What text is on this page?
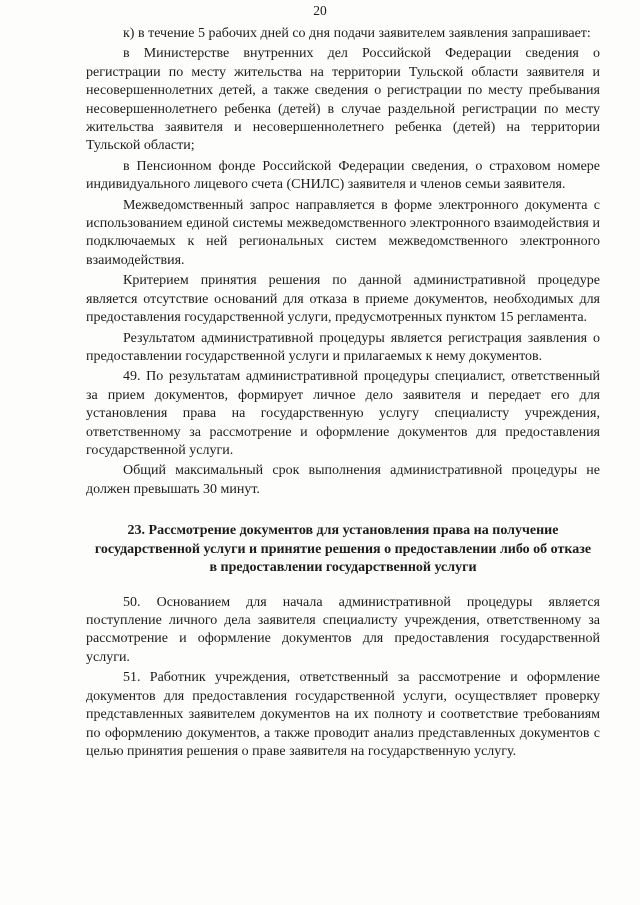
20

к) в течение 5 рабочих дней со дня подачи заявителем заявления запрашивает:

в Министерстве внутренних дел Российской Федерации сведения о регистрации по месту жительства на территории Тульской области заявителя и несовершеннолетних детей, а также сведения о регистрации по месту пребывания несовершеннолетнего ребенка (детей) в случае раздельной регистрации по месту жительства заявителя и несовершеннолетнего ребенка (детей) на территории Тульской области;

в Пенсионном фонде Российской Федерации сведения, о страховом номере индивидуального лицевого счета (СНИЛС) заявителя и членов семьи заявителя.

Межведомственный запрос направляется в форме электронного документа с использованием единой системы межведомственного электронного взаимодействия и подключаемых к ней региональных систем межведомственного электронного взаимодействия.

Критерием принятия решения по данной административной процедуре является отсутствие оснований для отказа в приеме документов, необходимых для предоставления государственной услуги, предусмотренных пунктом 15 регламента.

Результатом административной процедуры является регистрация заявления о предоставлении государственной услуги и прилагаемых к нему документов.

49. По результатам административной процедуры специалист, ответственный за прием документов, формирует личное дело заявителя и передает его для установления права на государственную услугу специалисту учреждения, ответственному за рассмотрение и оформление документов для предоставления государственной услуги.

Общий максимальный срок выполнения административной процедуры не должен превышать 30 минут.

23. Рассмотрение документов для установления права на получение государственной услуги и принятие решения о предоставлении либо об отказе в предоставлении государственной услуги

50. Основанием для начала административной процедуры является поступление личного дела заявителя специалисту учреждения, ответственному за рассмотрение и оформление документов для предоставления государственной услуги.

51. Работник учреждения, ответственный за рассмотрение и оформление документов для предоставления государственной услуги, осуществляет проверку представленных заявителем документов на их полноту и соответствие требованиям по оформлению документов, а также проводит анализ представленных документов с целью принятия решения о праве заявителя на государственную услугу.
